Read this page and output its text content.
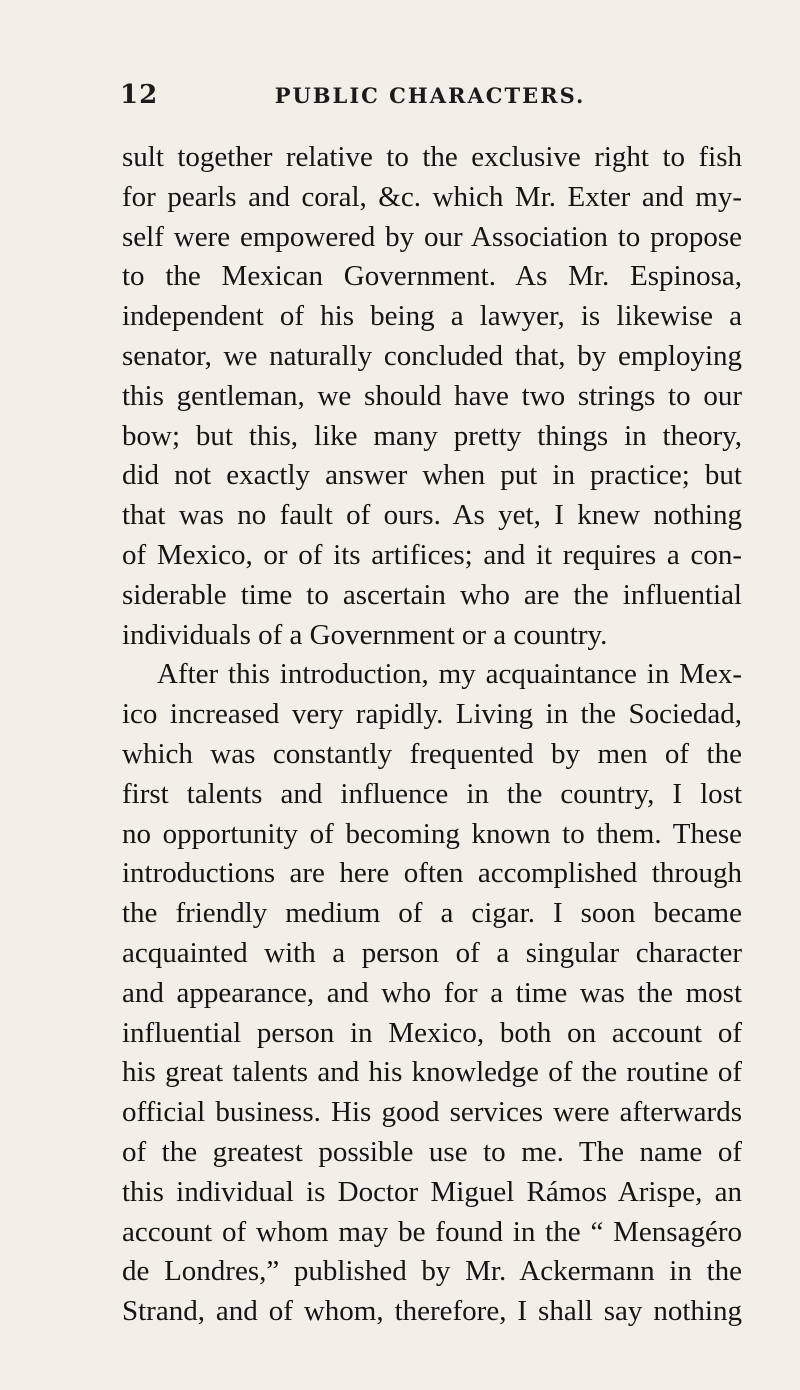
12	PUBLIC CHARACTERS.
sult together relative to the exclusive right to fish
for pearls and coral, &c. which Mr. Exter and my-
self were empowered by our Association to propose
to the Mexican Government. As Mr. Espinosa,
independent of his being a lawyer, is likewise a
senator, we naturally concluded that, by employing
this gentleman, we should have two strings to our
bow; but this, like many pretty things in theory,
did not exactly answer when put in practice; but
that was no fault of ours. As yet, I knew nothing
of Mexico, or of its artifices; and it requires a con-
siderable time to ascertain who are the influential
individuals of a Government or a country.
After this introduction, my acquaintance in Mex-
ico increased very rapidly. Living in the Sociedad,
which was constantly frequented by men of the
first talents and influence in the country, I lost
no opportunity of becoming known to them. These
introductions are here often accomplished through
the friendly medium of a cigar. I soon became
acquainted with a person of a singular character
and appearance, and who for a time was the most
influential person in Mexico, both on account of
his great talents and his knowledge of the routine of
official business. His good services were afterwards
of the greatest possible use to me. The name of
this individual is Doctor Miguel Rámos Arispe, an
account of whom may be found in the “ Mensagéro
de Londres,” published by Mr. Ackermann in the
Strand, and of whom, therefore, I shall say nothing
